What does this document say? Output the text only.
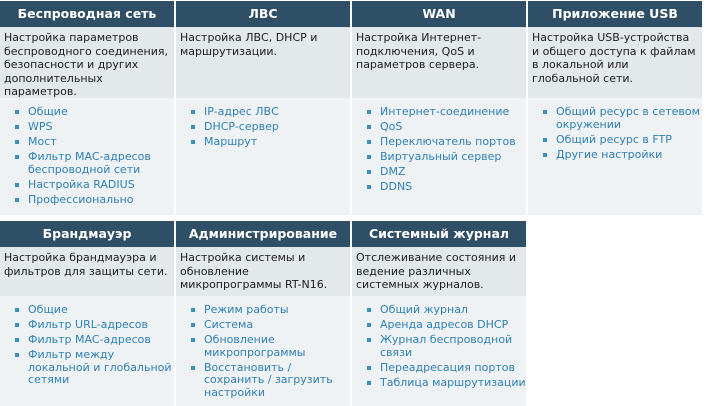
Беспроводная сеть
Настройка параметров беспроводного соединения, безопасности и других дополнительных параметров.
Общие
WPS
Мост
Фильтр MAC-адресов беспроводной сети
Настройка RADIUS
Профессионально
ЛВС
Настройка ЛВС, DHCP и маршрутизации.
IP-адрес ЛВС
DHCP-сервер
Маршрут
WAN
Настройка Интернет-подключения, QoS и параметров сервера.
Интернет-соединение
QoS
Переключатель портов
Виртуальный сервер
DMZ
DDNS
Приложение USB
Настройка USB-устройства и общего доступа к файлам в локальной или глобальной сети.
Общий ресурс в сетевом окружении
Общий ресурс в FTP
Другие настройки
Брандмауэр
Настройка брандмауэра и фильтров для защиты сети.
Общие
Фильтр URL-адресов
Фильтр MAC-адресов
Фильтр между локальной и глобальной сетями
Администрирование
Настройка системы и обновление микропрограммы RT-N16.
Режим работы
Система
Обновление микропрограммы
Восстановить / сохранить / загрузить настройки
Системный журнал
Отслеживание состояния и ведение различных системных журналов.
Общий журнал
Аренда адресов DHCP
Журнал беспроводной связи
Переадресация портов
Таблица маршрутизации
